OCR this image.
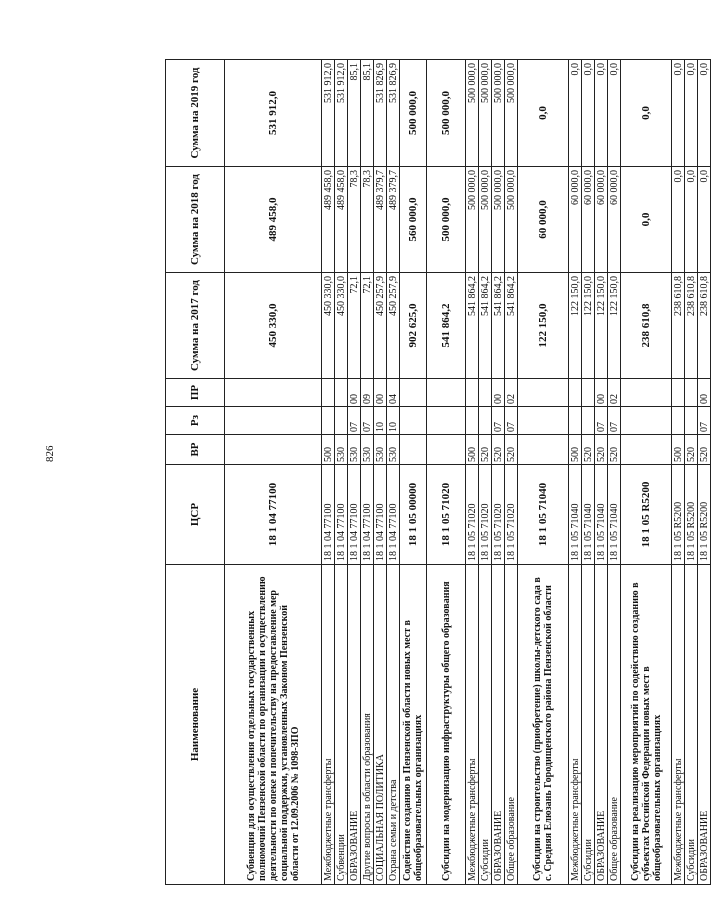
826
Наименование	ЦСР	ВР	Рз	ПР	Сумма на 2017 год	Сумма на 2018 год	Сумма на 2019 год
Субвенция для осуществления отдельных государственных полномочий Пензенской области по организации и осуществлению деятельности по опеке и попечительству на предоставление мер социальной поддержки, установленных Законом Пензенской области от 12.09.2006 № 1098-ЗПО	18 1 04 77100				450 330,0	489 458,0	531 912,0
Межбюджетные трансферты	18 1 04 77100	500			450 330,0	489 458,0	531 912,0
Субвенции	18 1 04 77100	530			450 330,0	489 458,0	531 912,0
ОБРАЗОВАНИЕ	18 1 04 77100	530	07	00	72,1	78,3	85,1
Другие вопросы в области образования	18 1 04 77100	530	07	09	72,1	78,3	85,1
СОЦИАЛЬНАЯ ПОЛИТИКА	18 1 04 77100	530	10	00	450 257,9	489 379,7	531 826,9
Охрана семьи и детства	18 1 04 77100	530	10	04	450 257,9	489 379,7	531 826,9
Содействие созданию в Пензенской области новых мест в общеобразовательных организациях	18 1 05 00000				902 625,0	560 000,0	500 000,0
Субсидии на модернизацию инфраструктуры общего образования	18 1 05 71020				541 864,2	500 000,0	500 000,0
Межбюджетные трансферты	18 1 05 71020	500			541 864,2	500 000,0	500 000,0
Субсидии	18 1 05 71020	520			541 864,2	500 000,0	500 000,0
ОБРАЗОВАНИЕ	18 1 05 71020	520	07	00	541 864,2	500 000,0	500 000,0
Общее образование	18 1 05 71020	520	07	02	541 864,2	500 000,0	500 000,0
Субсидии на строительство (приобретение) школы-детского сада в с. Средняя Елюзань Городищенского района Пензенской области	18 1 05 71040				122 150,0	60 000,0	0,0
Межбюджетные трансферты	18 1 05 71040	500			122 150,0	60 000,0	0,0
Субсидии	18 1 05 71040	520			122 150,0	60 000,0	0,0
ОБРАЗОВАНИЕ	18 1 05 71040	520	07	00	122 150,0	60 000,0	0,0
Общее образование	18 1 05 71040	520	07	02	122 150,0	60 000,0	0,0
Субсидии на реализацию мероприятий по содействию созданию в субъектах Российской Федерации новых мест в общеобразовательных организациях	18 1 05 R5200				238 610,8	0,0	0,0
Межбюджетные трансферты	18 1 05 R5200	500			238 610,8	0,0	0,0
Субсидии	18 1 05 R5200	520			238 610,8	0,0	0,0
ОБРАЗОВАНИЕ	18 1 05 R5200	520	07	00	238 610,8	0,0	0,0
